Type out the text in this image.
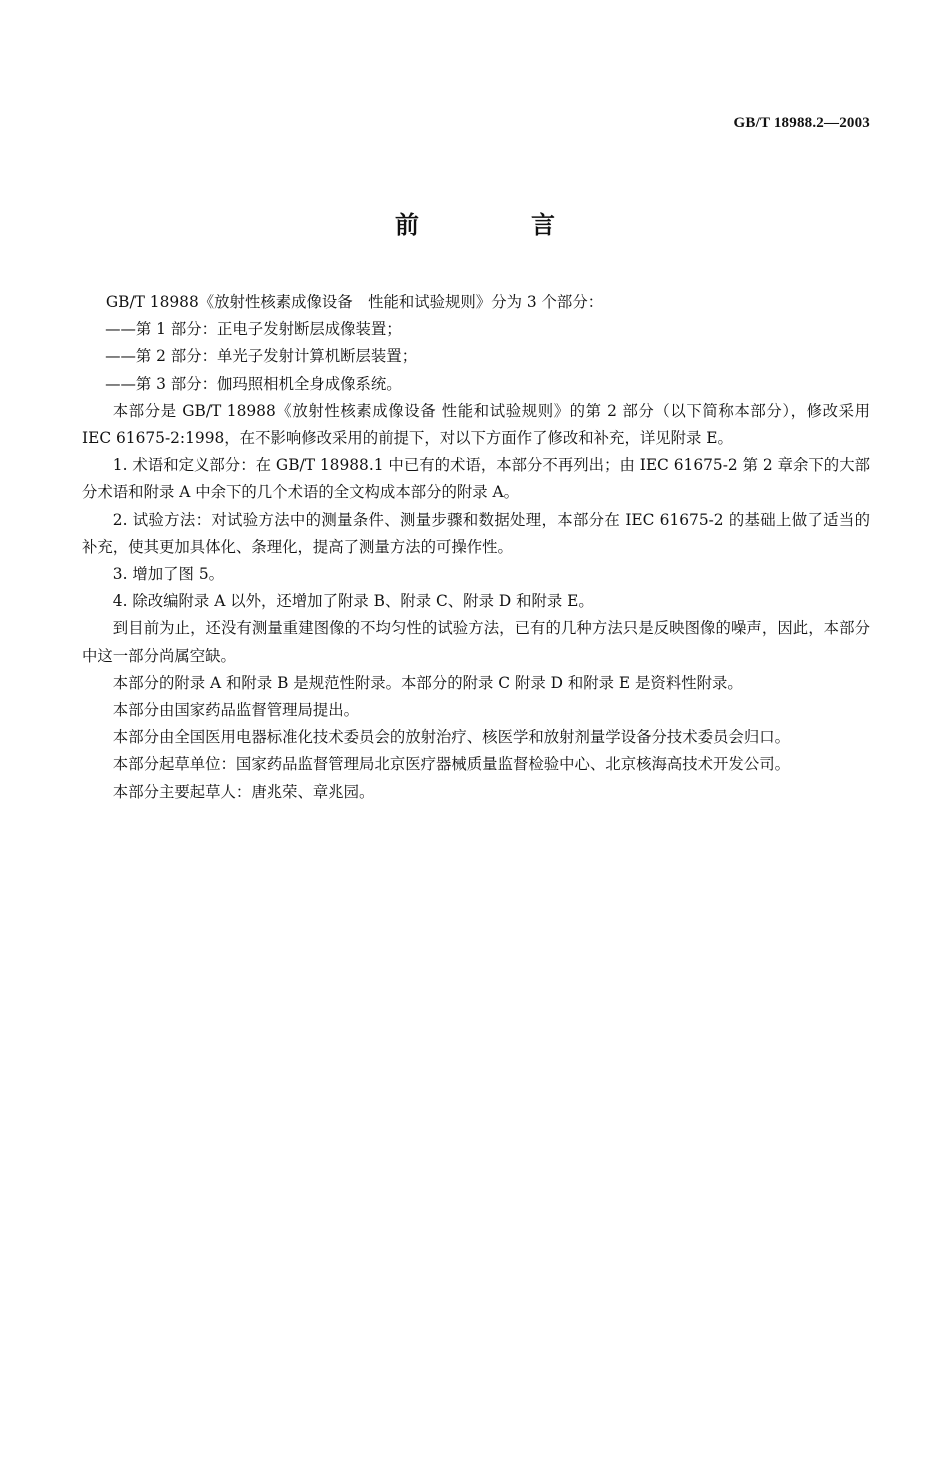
GB/T 18988.2—2003
前　言

GB/T 18988《放射性核素成像设备　性能和试验规则》分为 3 个部分：

——第 1 部分：正电子发射断层成像装置；

——第 2 部分：单光子发射计算机断层装置；

——第 3 部分：伽玛照相机全身成像系统。

本部分是 GB/T 18988《放射性核素成像设备 性能和试验规则》的第 2 部分（以下简称本部分），修改采用 IEC 61675-2:1998，在不影响修改采用的前提下，对以下方面作了修改和补充，详见附录 E。

1. 术语和定义部分：在 GB/T 18988.1 中已有的术语，本部分不再列出；由 IEC 61675-2 第 2 章余下的大部分术语和附录 A 中余下的几个术语的全文构成本部分的附录 A。

2. 试验方法：对试验方法中的测量条件、测量步骤和数据处理，本部分在 IEC 61675-2 的基础上做了适当的补充，使其更加具体化、条理化，提高了测量方法的可操作性。

3. 增加了图 5。

4. 除改编附录 A 以外，还增加了附录 B、附录 C、附录 D 和附录 E。

到目前为止，还没有测量重建图像的不均匀性的试验方法，已有的几种方法只是反映图像的噪声，因此，本部分中这一部分尚属空缺。

本部分的附录 A 和附录 B 是规范性附录。本部分的附录 C 附录 D 和附录 E 是资料性附录。

本部分由国家药品监督管理局提出。

本部分由全国医用电器标准化技术委员会的放射治疗、核医学和放射剂量学设备分技术委员会归口。

本部分起草单位：国家药品监督管理局北京医疗器械质量监督检验中心、北京核海高技术开发公司。

本部分主要起草人：唐兆荣、章兆园。
